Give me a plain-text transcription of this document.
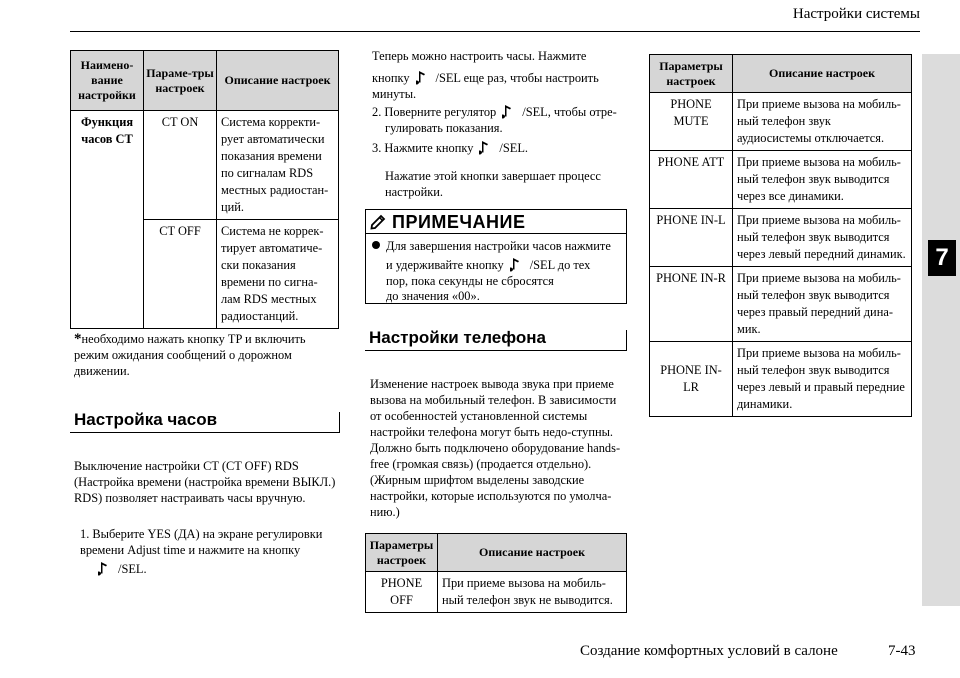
Настройки системы
7
Наимено-вание настройки	Параме-тры настроек	Описание настроек
Функция часов CT	CT ON	Система корректи-рует автоматически показания времени по сигналам RDS местных радиостан-ций.
	CT OFF	Система не коррек-тирует автоматиче-ски показания времени по сигна-лам RDS местных радиостанций.
*необходимо нажать кнопку TP и включить режим ожидания сообщений о дорожном движении.
Настройка часов
Выключение настройки CT (CT OFF) RDS (Настройка времени (настройка времени ВЫКЛ.) RDS) позволяет настраивать часы вручную.
1. Выберите YES (ДА) на экране регулировки времени Adjust time и нажмите на кнопку
/SEL.
Теперь можно настроить часы. Нажмите
кнопку /SEL еще раз, чтобы настроить
минуты.
2. Поверните регулятор /SEL, чтобы отре-
гулировать показания.
3. Нажмите кнопку /SEL.
Нажатие этой кнопки завершает процесс настройки.
ПРИМЕЧАНИЕ
Для завершения настройки часов нажмите
и удерживайте кнопку /SEL до тех
пор, пока секунды не сбросятся
до значения «00».
Настройки телефона
Изменение настроек вывода звука при приеме вызова на мобильный телефон. В зависимости от особенностей установленной системы настройки телефона могут быть недо-ступны. Должно быть подключено оборудование hands-free (громкая связь) (продается отдельно). (Жирным шрифтом выделены заводские настройки, которые используются по умолча-нию.)
Параметры настроек	Описание настроек
PHONE OFF	При приеме вызова на мобиль-ный телефон звук не выводится.
Параметры настроек	Описание настроек
PHONE MUTE	При приеме вызова на мобиль-ный телефон звук аудиосистемы отключается.
PHONE ATT	При приеме вызова на мобиль-ный телефон звук выводится через все динамики.
PHONE IN-L	При приеме вызова на мобиль-ный телефон звук выводится через левый передний динамик.
PHONE IN-R	При приеме вызова на мобиль-ный телефон звук выводится через правый передний дина-мик.
PHONE IN-LR	При приеме вызова на мобиль-ный телефон звук выводится через левый и правый передние динамики.
Создание комфортных условий в салоне	7-43
